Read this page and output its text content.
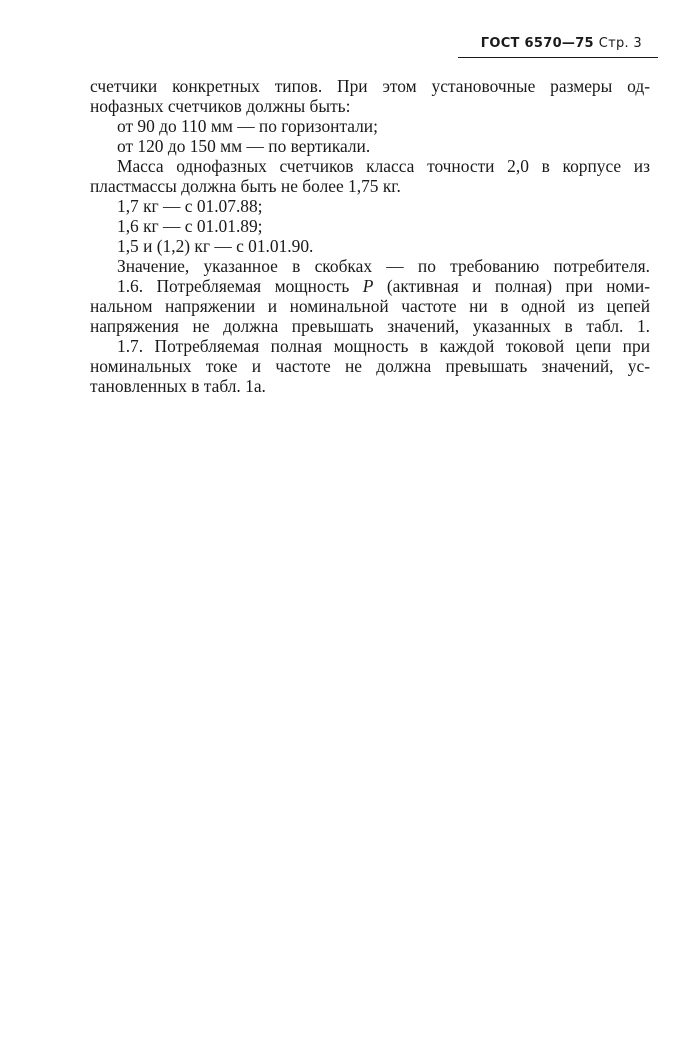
ГОСТ 6570—75 Стр. 3

счетчики конкретных типов. При этом установочные размеры од-

нофазных счетчиков должны быть:

от 90 до 110 мм — по горизонтали;

от 120 до 150 мм — по вертикали.

Масса однофазных счетчиков класса точности 2,0 в корпусе из

пластмассы должна быть не более 1,75 кг.

1,7 кг — с 01.07.88;

1,6 кг — с 01.01.89;

1,5 и (1,2) кг — с 01.01.90.

Значение, указанное в скобках — по требованию потребителя.

1.6. Потребляемая мощность P (активная и полная) при номи-

нальном напряжении и номинальной частоте ни в одной из цепей

напряжения не должна превышать значений, указанных в табл. 1.

1.7. Потребляемая полная мощность в каждой токовой цепи при

номинальных токе и частоте не должна превышать значений, ус-

тановленных в табл. 1а.
